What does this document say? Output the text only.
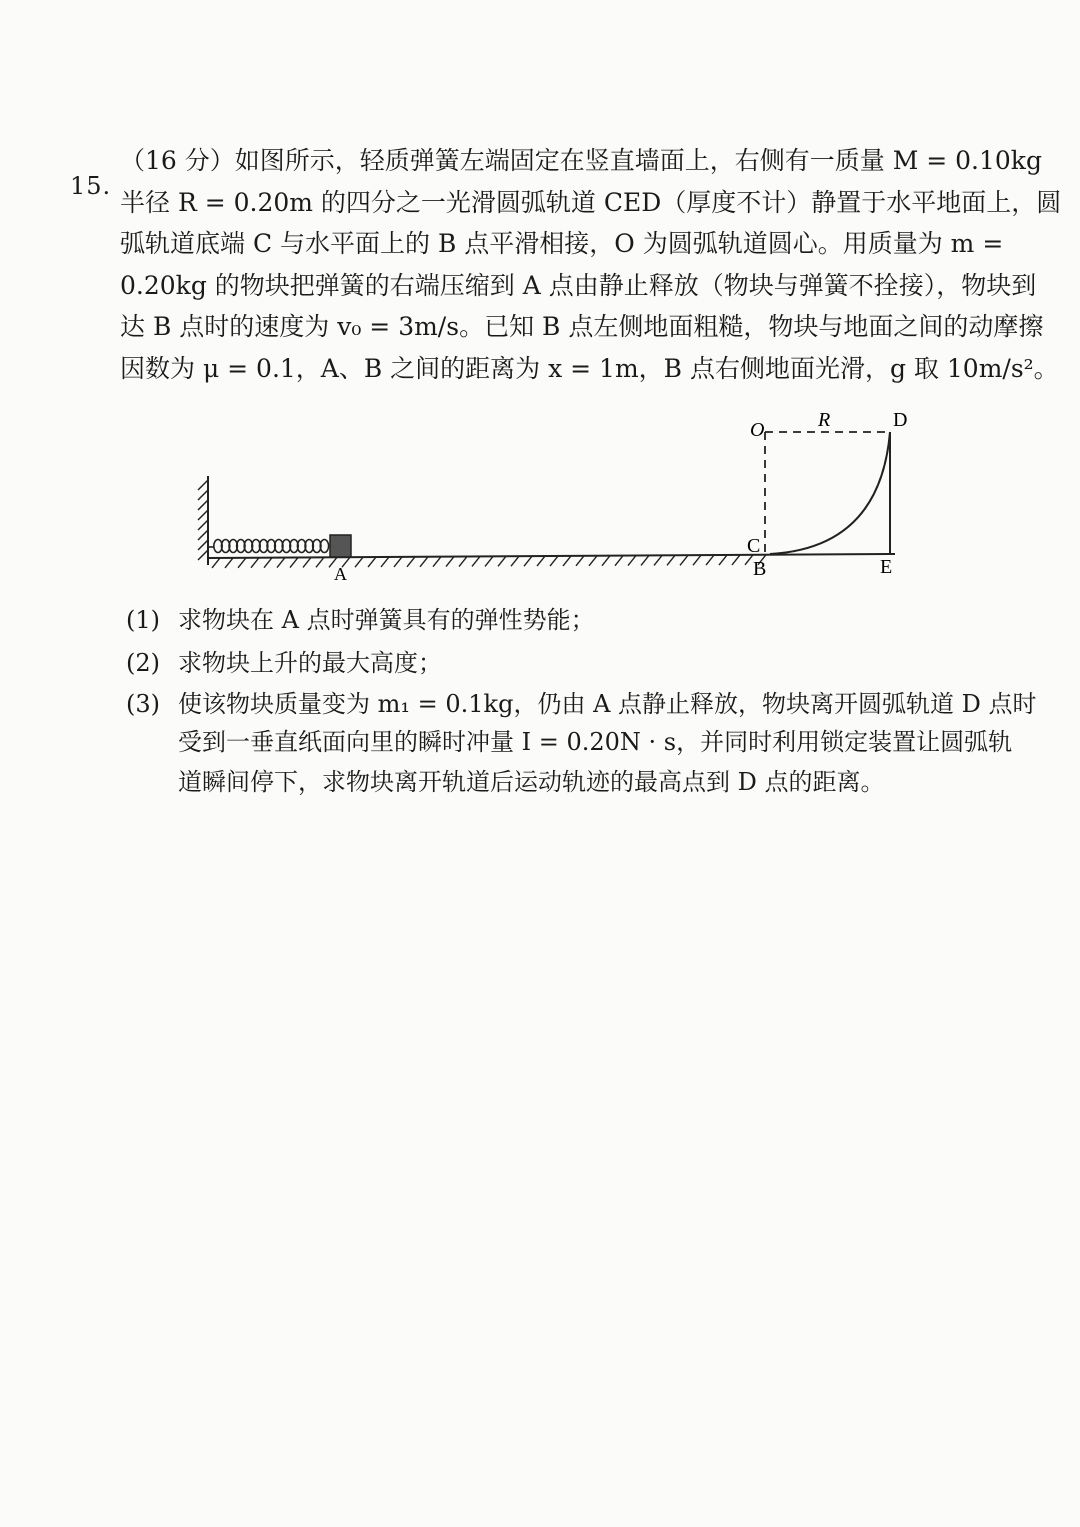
15.
（16 分）如图所示，轻质弹簧左端固定在竖直墙面上，右侧有一质量 M = 0.10kg
半径 R = 0.20m 的四分之一光滑圆弧轨道 CED（厚度不计）静置于水平地面上，圆
弧轨道底端 C 与水平面上的 B 点平滑相接，O 为圆弧轨道圆心。用质量为 m =
0.20kg 的物块把弹簧的右端压缩到 A 点由静止释放（物块与弹簧不拴接），物块到
达 B 点时的速度为 v₀ = 3m/s。已知 B 点左侧地面粗糙，物块与地面之间的动摩擦
因数为 μ = 0.1，A、B 之间的距离为 x = 1m，B 点右侧地面光滑，g 取 10m/s²。
O	R	D
C
B	E
A
(1) 求物块在 A 点时弹簧具有的弹性势能；
(2) 求物块上升的最大高度；
(3) 使该物块质量变为 m₁ = 0.1kg，仍由 A 点静止释放，物块离开圆弧轨道 D 点时
受到一垂直纸面向里的瞬时冲量 I = 0.20N · s，并同时利用锁定装置让圆弧轨
道瞬间停下，求物块离开轨道后运动轨迹的最高点到 D 点的距离。
